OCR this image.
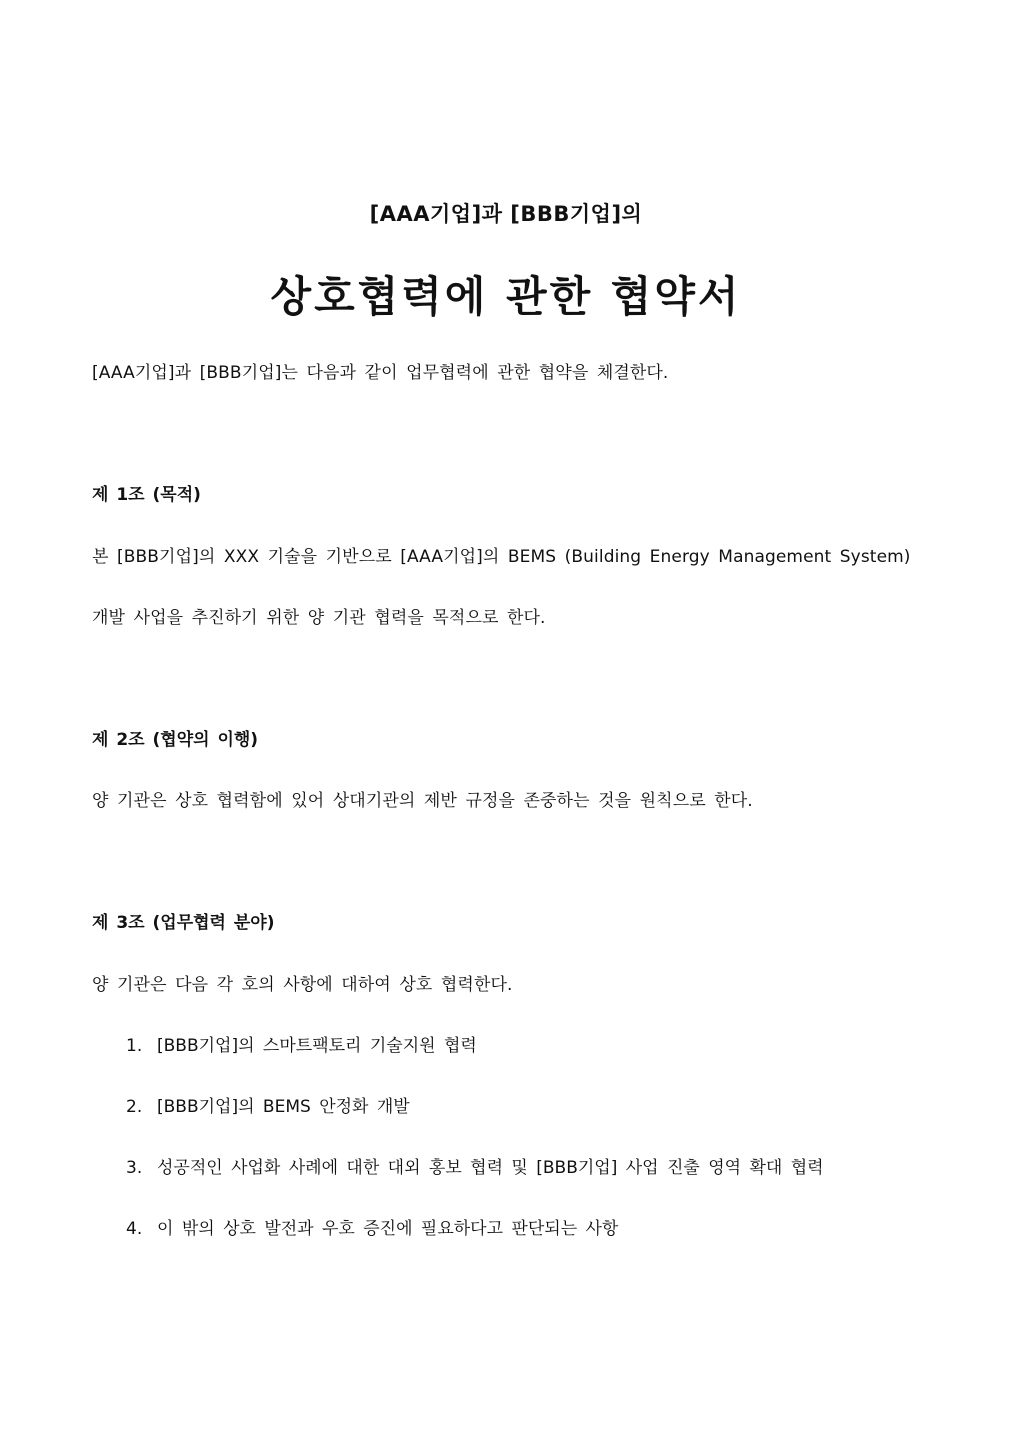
[AAA기업]과 [BBB기업]의
상호협력에 관한 협약서

[AAA기업]과 [BBB기업]는 다음과 같이 업무협력에 관한 협약을 체결한다.

제 1조 (목적)

본 [BBB기업]의 XXX 기술을 기반으로 [AAA기업]의 BEMS (Building Energy Management System)

개발 사업을 추진하기 위한 양 기관 협력을 목적으로 한다.

제 2조 (협약의 이행)

양 기관은 상호 협력함에 있어 상대기관의 제반 규정을 존중하는 것을 원칙으로 한다.

제 3조 (업무협력 분야)

양 기관은 다음 각 호의 사항에 대하여 상호 협력한다.

1. [BBB기업]의 스마트팩토리 기술지원 협력
2. [BBB기업]의 BEMS 안정화 개발
3. 성공적인 사업화 사례에 대한 대외 홍보 협력 및 [BBB기업] 사업 진출 영역 확대 협력
4. 이 밖의 상호 발전과 우호 증진에 필요하다고 판단되는 사항
